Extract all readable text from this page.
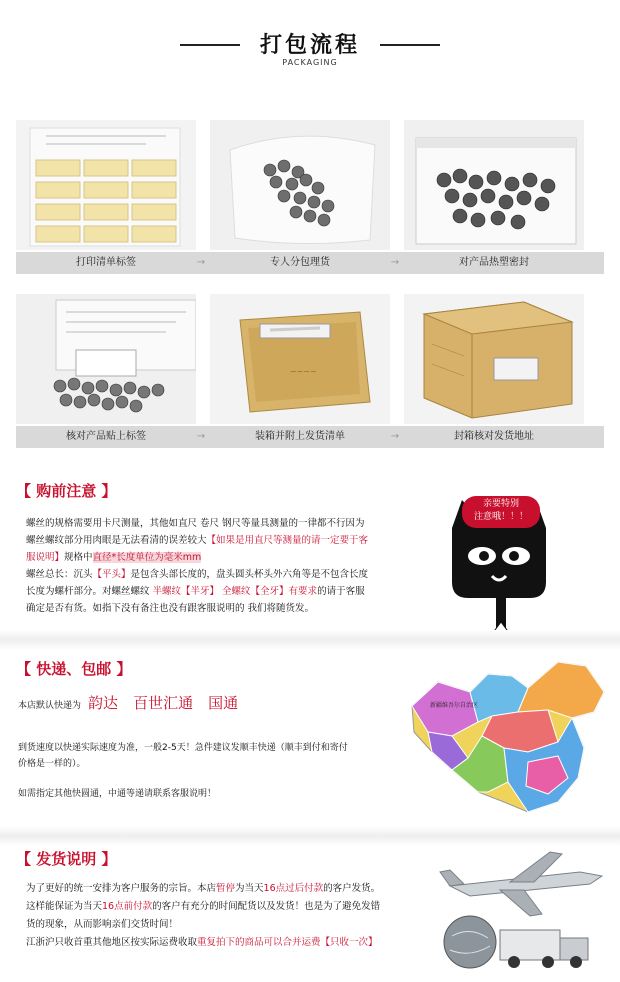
打包流程
PACKAGING
打印清单标签	→	专人分包理货	→	对产品热塑密封
~~~~
核对产品贴上标签	→	装箱并附上发货清单	→	封箱核对发货地址
【 购前注意 】
螺丝的规格需要用卡尺测量，其他如直尺 卷尺 钢尺等量具测量的一律都不行因为
螺丝螺纹部分用肉眼是无法看清的误差较大【如果是用直尺等测量的请一定要于客
服说明】规格中直径*长度单位为毫米mm
螺丝总长：沉头【平头】是包含头部长度的，盘头圆头杯头外六角等是不包含长度
长度为螺杆部分。对螺丝螺纹 半螺纹【半牙】 全螺纹【全牙】有要求的请于客服
确定是否有货。如指下没有备注也没有跟客服说明的 我们将随货发。
亲要特别
注意哦！！！
【 快递、包邮 】
本店默认快递为 韵达 百世汇通 国通
到货速度以快递实际速度为准，一般2-5天！急件建议发顺丰快递（顺丰到付和寄付
价格是一样的）。
如需指定其他快圆通，中通等递请联系客服说明！
新疆维吾尔自治区
【 发货说明 】
为了更好的统一安排为客户服务的宗旨。本店暂停为当天16点过后付款的客户发货。
这样能保证为当天16点前付款的客户有充分的时间配货以及发货！也是为了避免发错
货的现象，从而影响亲们交货时间！
江浙沪只收首重其他地区按实际运费收取重复拍下的商品可以合并运费【只收一次】
